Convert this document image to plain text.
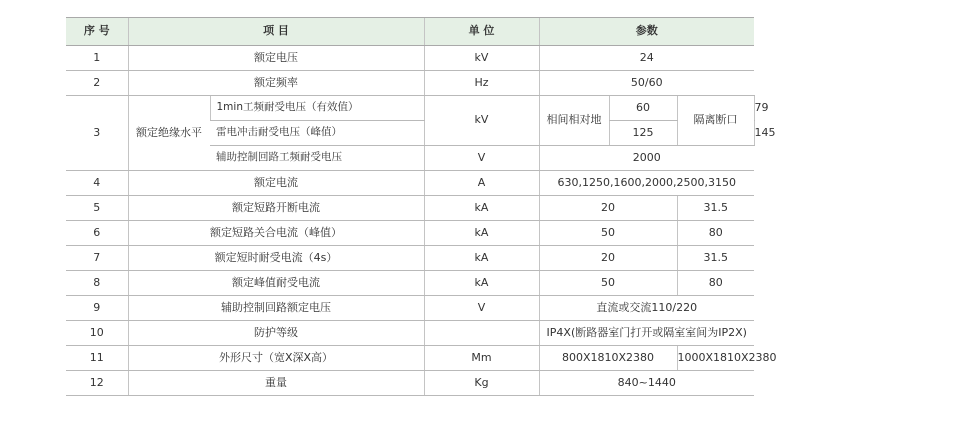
序 号	项 目		单 位	参数			
1	额定电压		kV	24			
2	额定频率		Hz	50/60			
3	额定绝缘水平	1min工频耐受电压（有效值）	kV	相间相对地	60	隔离断口	79
		雷电冲击耐受电压（峰值）			125		145
		辅助控制回路工频耐受电压	V	2000			
4	额定电流		A	630,1250,1600,2000,2500,3150			
5	额定短路开断电流		kA	20		31.5	
6	额定短路关合电流（峰值）		kA	50		80	
7	额定短时耐受电流（4s）		kA	20		31.5	
8	额定峰值耐受电流		kA	50		80	
9	辅助控制回路额定电压		V	直流或交流110/220			
10	防护等级			IP4X(断路器室门打开或隔室室间为IP2X)			
11	外形尺寸（宽X深X高）		Mm	800X1810X2380		1000X1810X2380	
12	重量		Kg	840~1440			
